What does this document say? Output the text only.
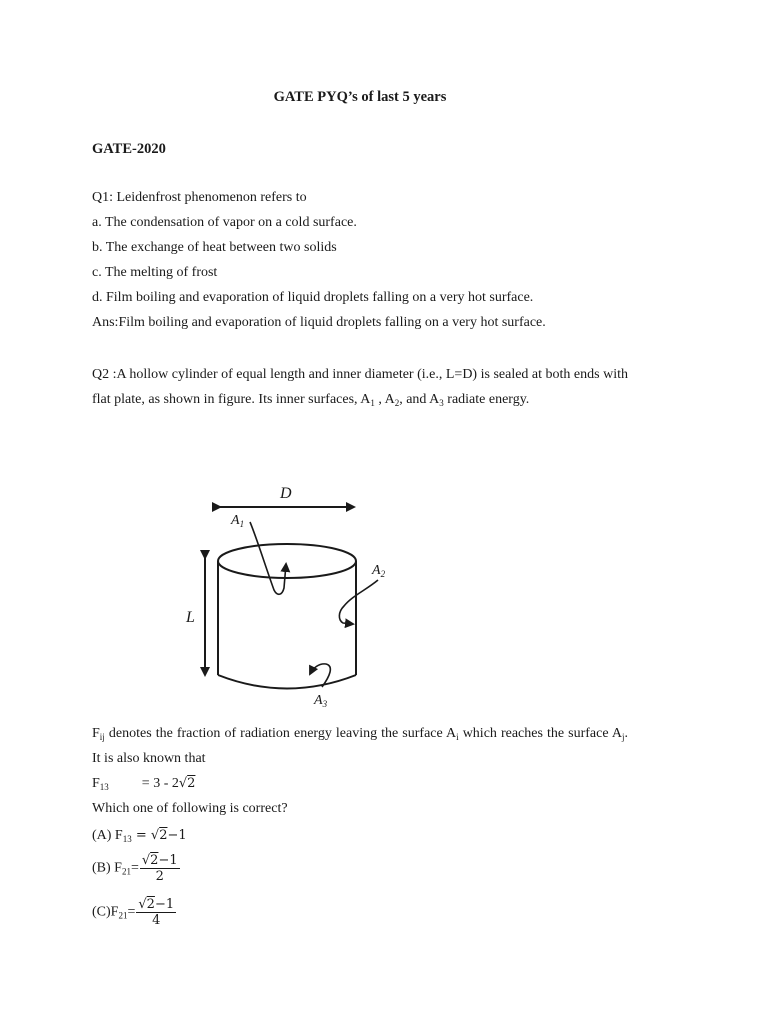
GATE PYQ’s of last 5 years
GATE-2020
Q1: Leidenfrost phenomenon refers to
a. The condensation of vapor on a cold surface.
b. The exchange of heat between two solids
c. The melting of frost
d. Film boiling and evaporation of liquid droplets falling on a very hot surface.
Ans:Film boiling and evaporation of liquid droplets falling on a very hot surface.

Q2 :A hollow cylinder of equal length and inner diameter (i.e., L=D) is sealed at both ends with flat plate, as shown in figure. Its inner surfaces, $A_1$ , $A_2$, and $A_3$ radiate energy.

D
L
$A_1$
$A_2$
$A_3$

$F_{ij}$ denotes the fraction of radiation energy leaving the surface $A_i$ which reaches the surface $A_j$. It is also known that

$F_{13} = 3 - 2√2$
Which one of following is correct?
(A) $F_{13} = √2-1$
(B) $F_{21}= \frac{√2-1}{2}$
$(C)F_{21}= \frac{√2-1}{4}$
